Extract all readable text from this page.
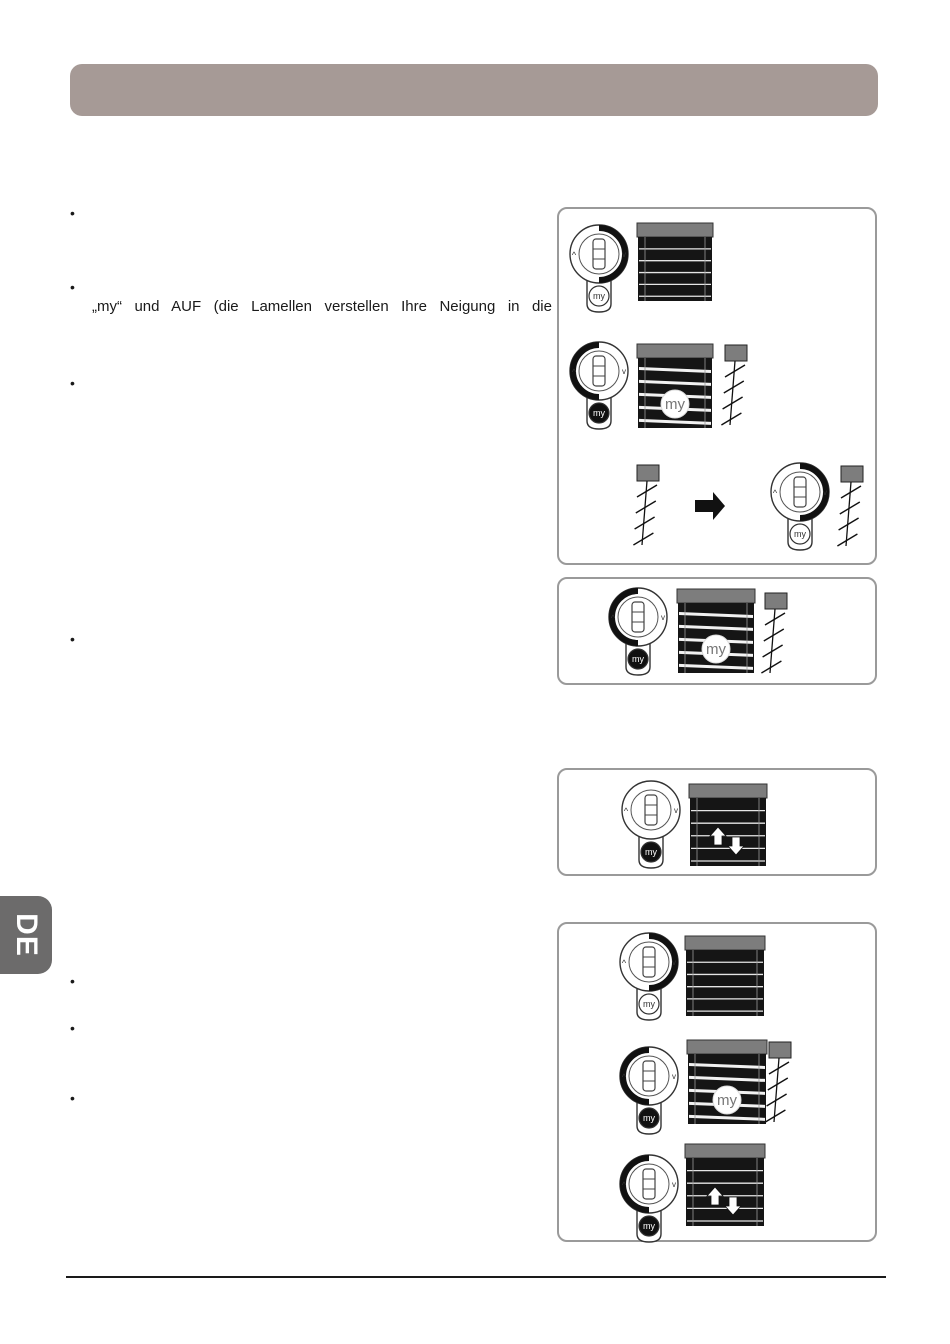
•
•
„my“ und AUF (die Lamellen verstellen Ihre Neigung in die
•
•
•
•
•
^	v
my
^	v
my	my
^	v
my
^	v
my
my
^	v
my
^	v
my
^	v
my
my
^	v
my
DE
